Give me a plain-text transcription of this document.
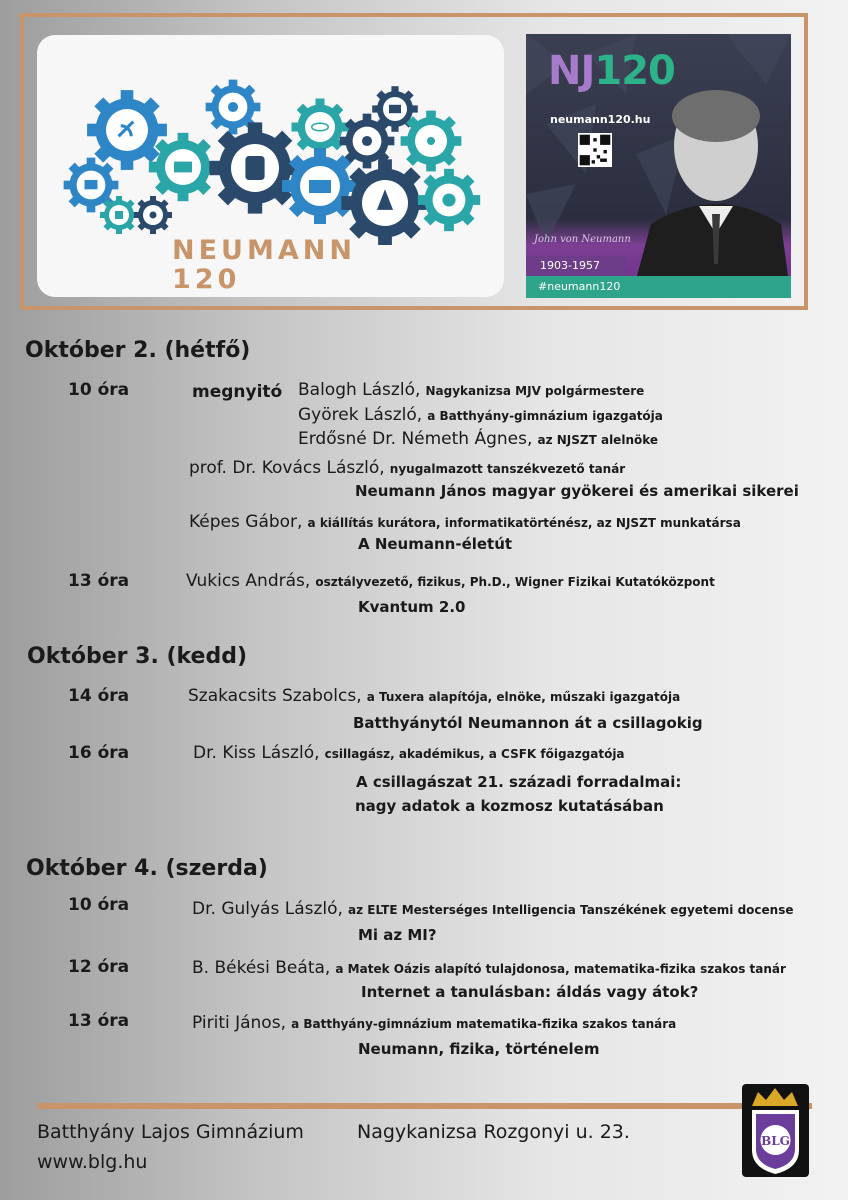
NEUMANN
120
NJ120
neumann120.hu
John von Neumann
1903-1957
#neumann120
Október 2. (hétfő)
10 óra	megnyitó Balogh László, Nagykanizsa MJV polgármestere
Györek László, a Batthyány-gimnázium igazgatója
Erdősné Dr. Németh Ágnes, az NJSZT alelnöke
prof. Dr. Kovács László, nyugalmazott tanszékvezető tanár
Neumann János magyar gyökerei és amerikai sikerei
Képes Gábor, a kiállítás kurátora, informatikatörténész, az NJSZT munkatársa
A Neumann-életút
13 óra	Vukics András, osztályvezető, fizikus, Ph.D., Wigner Fizikai Kutatóközpont
Kvantum 2.0
Október 3. (kedd)
14 óra	Szakacsits Szabolcs, a Tuxera alapítója, elnöke, műszaki igazgatója
Batthyánytól Neumannon át a csillagokig
16 óra	Dr. Kiss László, csillagász, akadémikus, a CSFK főigazgatója
A csillagászat 21. századi forradalmai:
nagy adatok a kozmosz kutatásában
Október 4. (szerda)
10 óra	Dr. Gulyás László, az ELTE Mesterséges Intelligencia Tanszékének egyetemi docense
Mi az MI?
12 óra	B. Békési Beáta, a Matek Oázis alapító tulajdonosa, matematika-fizika szakos tanár
Internet a tanulásban: áldás vagy átok?
13 óra	Piriti János, a Batthyány-gimnázium matematika-fizika szakos tanára
Neumann, fizika, történelem
Batthyány Lajos Gimnázium	Nagykanizsa Rozgonyi u. 23.
www.blg.hu
BLG
